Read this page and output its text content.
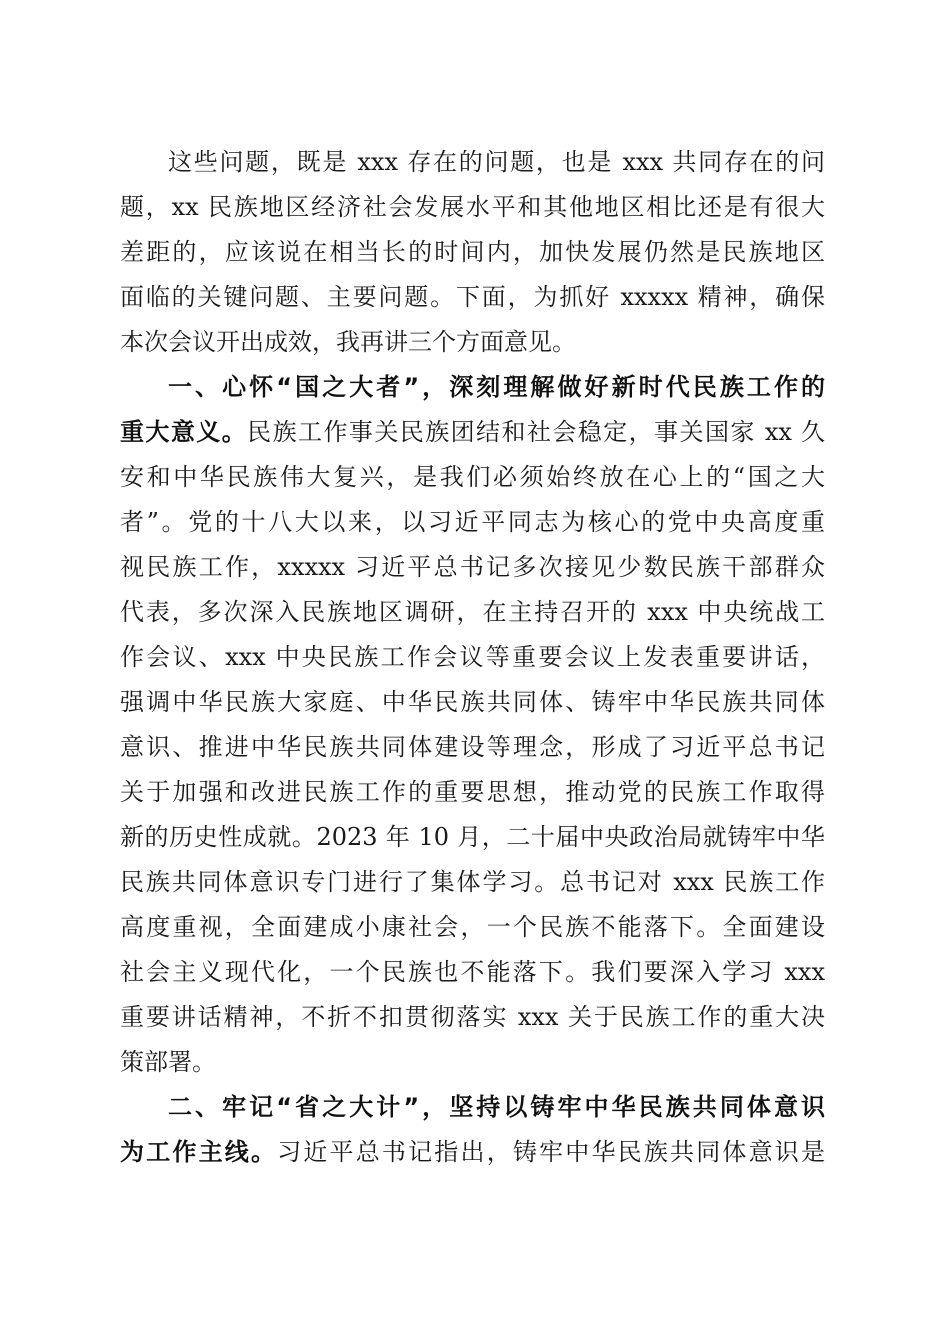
这些问题，既是 xxx 存在的问题，也是 xxx 共同存在的问
题，xx 民族地区经济社会发展水平和其他地区相比还是有很大
差距的，应该说在相当长的时间内，加快发展仍然是民族地区
面临的关键问题、主要问题。下面，为抓好 xxxxx 精神，确保
本次会议开出成效，我再讲三个方面意见。
一、心怀“国之大者”，深刻理解做好新时代民族工作的
重大意义。民族工作事关民族团结和社会稳定，事关国家 xx 久
安和中华民族伟大复兴，是我们必须始终放在心上的“国之大
者”。党的十八大以来，以习近平同志为核心的党中央高度重
视民族工作，xxxxx 习近平总书记多次接见少数民族干部群众
代表，多次深入民族地区调研，在主持召开的 xxx 中央统战工
作会议、xxx 中央民族工作会议等重要会议上发表重要讲话，
强调中华民族大家庭、中华民族共同体、铸牢中华民族共同体
意识、推进中华民族共同体建设等理念，形成了习近平总书记
关于加强和改进民族工作的重要思想，推动党的民族工作取得
新的历史性成就。2023 年 10 月，二十届中央政治局就铸牢中华
民族共同体意识专门进行了集体学习。总书记对 xxx 民族工作
高度重视，全面建成小康社会，一个民族不能落下。全面建设
社会主义现代化，一个民族也不能落下。我们要深入学习 xxx
重要讲话精神，不折不扣贯彻落实 xxx 关于民族工作的重大决
策部署。
二、牢记“省之大计”，坚持以铸牢中华民族共同体意识
为工作主线。习近平总书记指出，铸牢中华民族共同体意识是
